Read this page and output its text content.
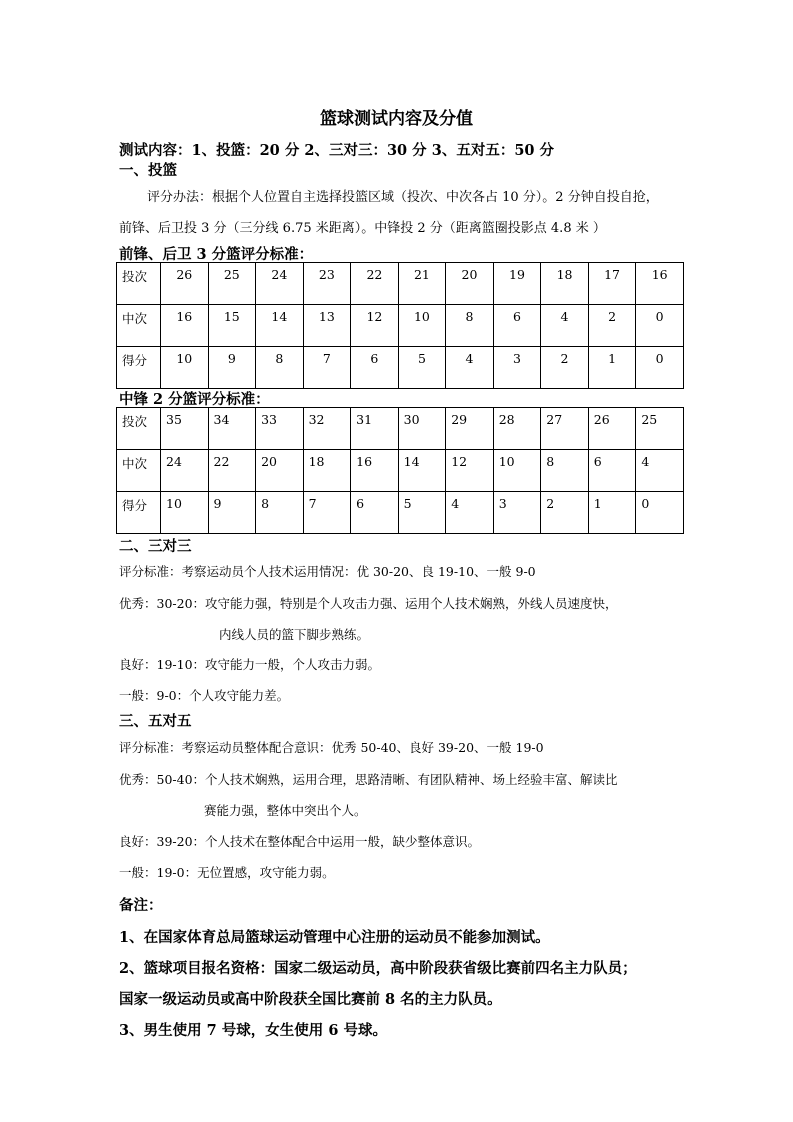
篮球测试内容及分值
测试内容：1、投篮：20 分 2、三对三：30 分 3、五对五：50 分
一、投篮
评分办法：根据个人位置自主选择投篮区域（投次、中次各占 10 分）。2 分钟自投自抢，
前锋、后卫投 3 分（三分线 6.75 米距离）。中锋投 2 分（距离篮圈投影点 4.8 米 ）
前锋、后卫 3 分篮评分标准：
投次	26	25	24	23	22	21	20	19	18	17	16
中次	16	15	14	13	12	10	8	6	4	2	0
得分	10	9	8	7	6	5	4	3	2	1	0
中锋 2 分篮评分标准：
投次	35	34	33	32	31	30	29	28	27	26	25
中次	24	22	20	18	16	14	12	10	8	6	4
得分	10	9	8	7	6	5	4	3	2	1	0
二、三对三
评分标准：考察运动员个人技术运用情况：优 30-20、良 19-10、一般 9-0
优秀：30-20：攻守能力强，特别是个人攻击力强、运用个人技术娴熟，外线人员速度快，
内线人员的篮下脚步熟练。
良好：19-10：攻守能力一般，个人攻击力弱。
一般：9-0：个人攻守能力差。
三、五对五
评分标准：考察运动员整体配合意识：优秀 50-40、良好 39-20、一般 19-0
优秀：50-40：个人技术娴熟，运用合理，思路清晰、有团队精神、场上经验丰富、解读比
赛能力强，整体中突出个人。
良好：39-20：个人技术在整体配合中运用一般，缺少整体意识。
一般：19-0：无位置感，攻守能力弱。
备注：
1、在国家体育总局篮球运动管理中心注册的运动员不能参加测试。
2、篮球项目报名资格：国家二级运动员，高中阶段获省级比赛前四名主力队员；
国家一级运动员或高中阶段获全国比赛前 8 名的主力队员。
3、男生使用 7 号球，女生使用 6 号球。
